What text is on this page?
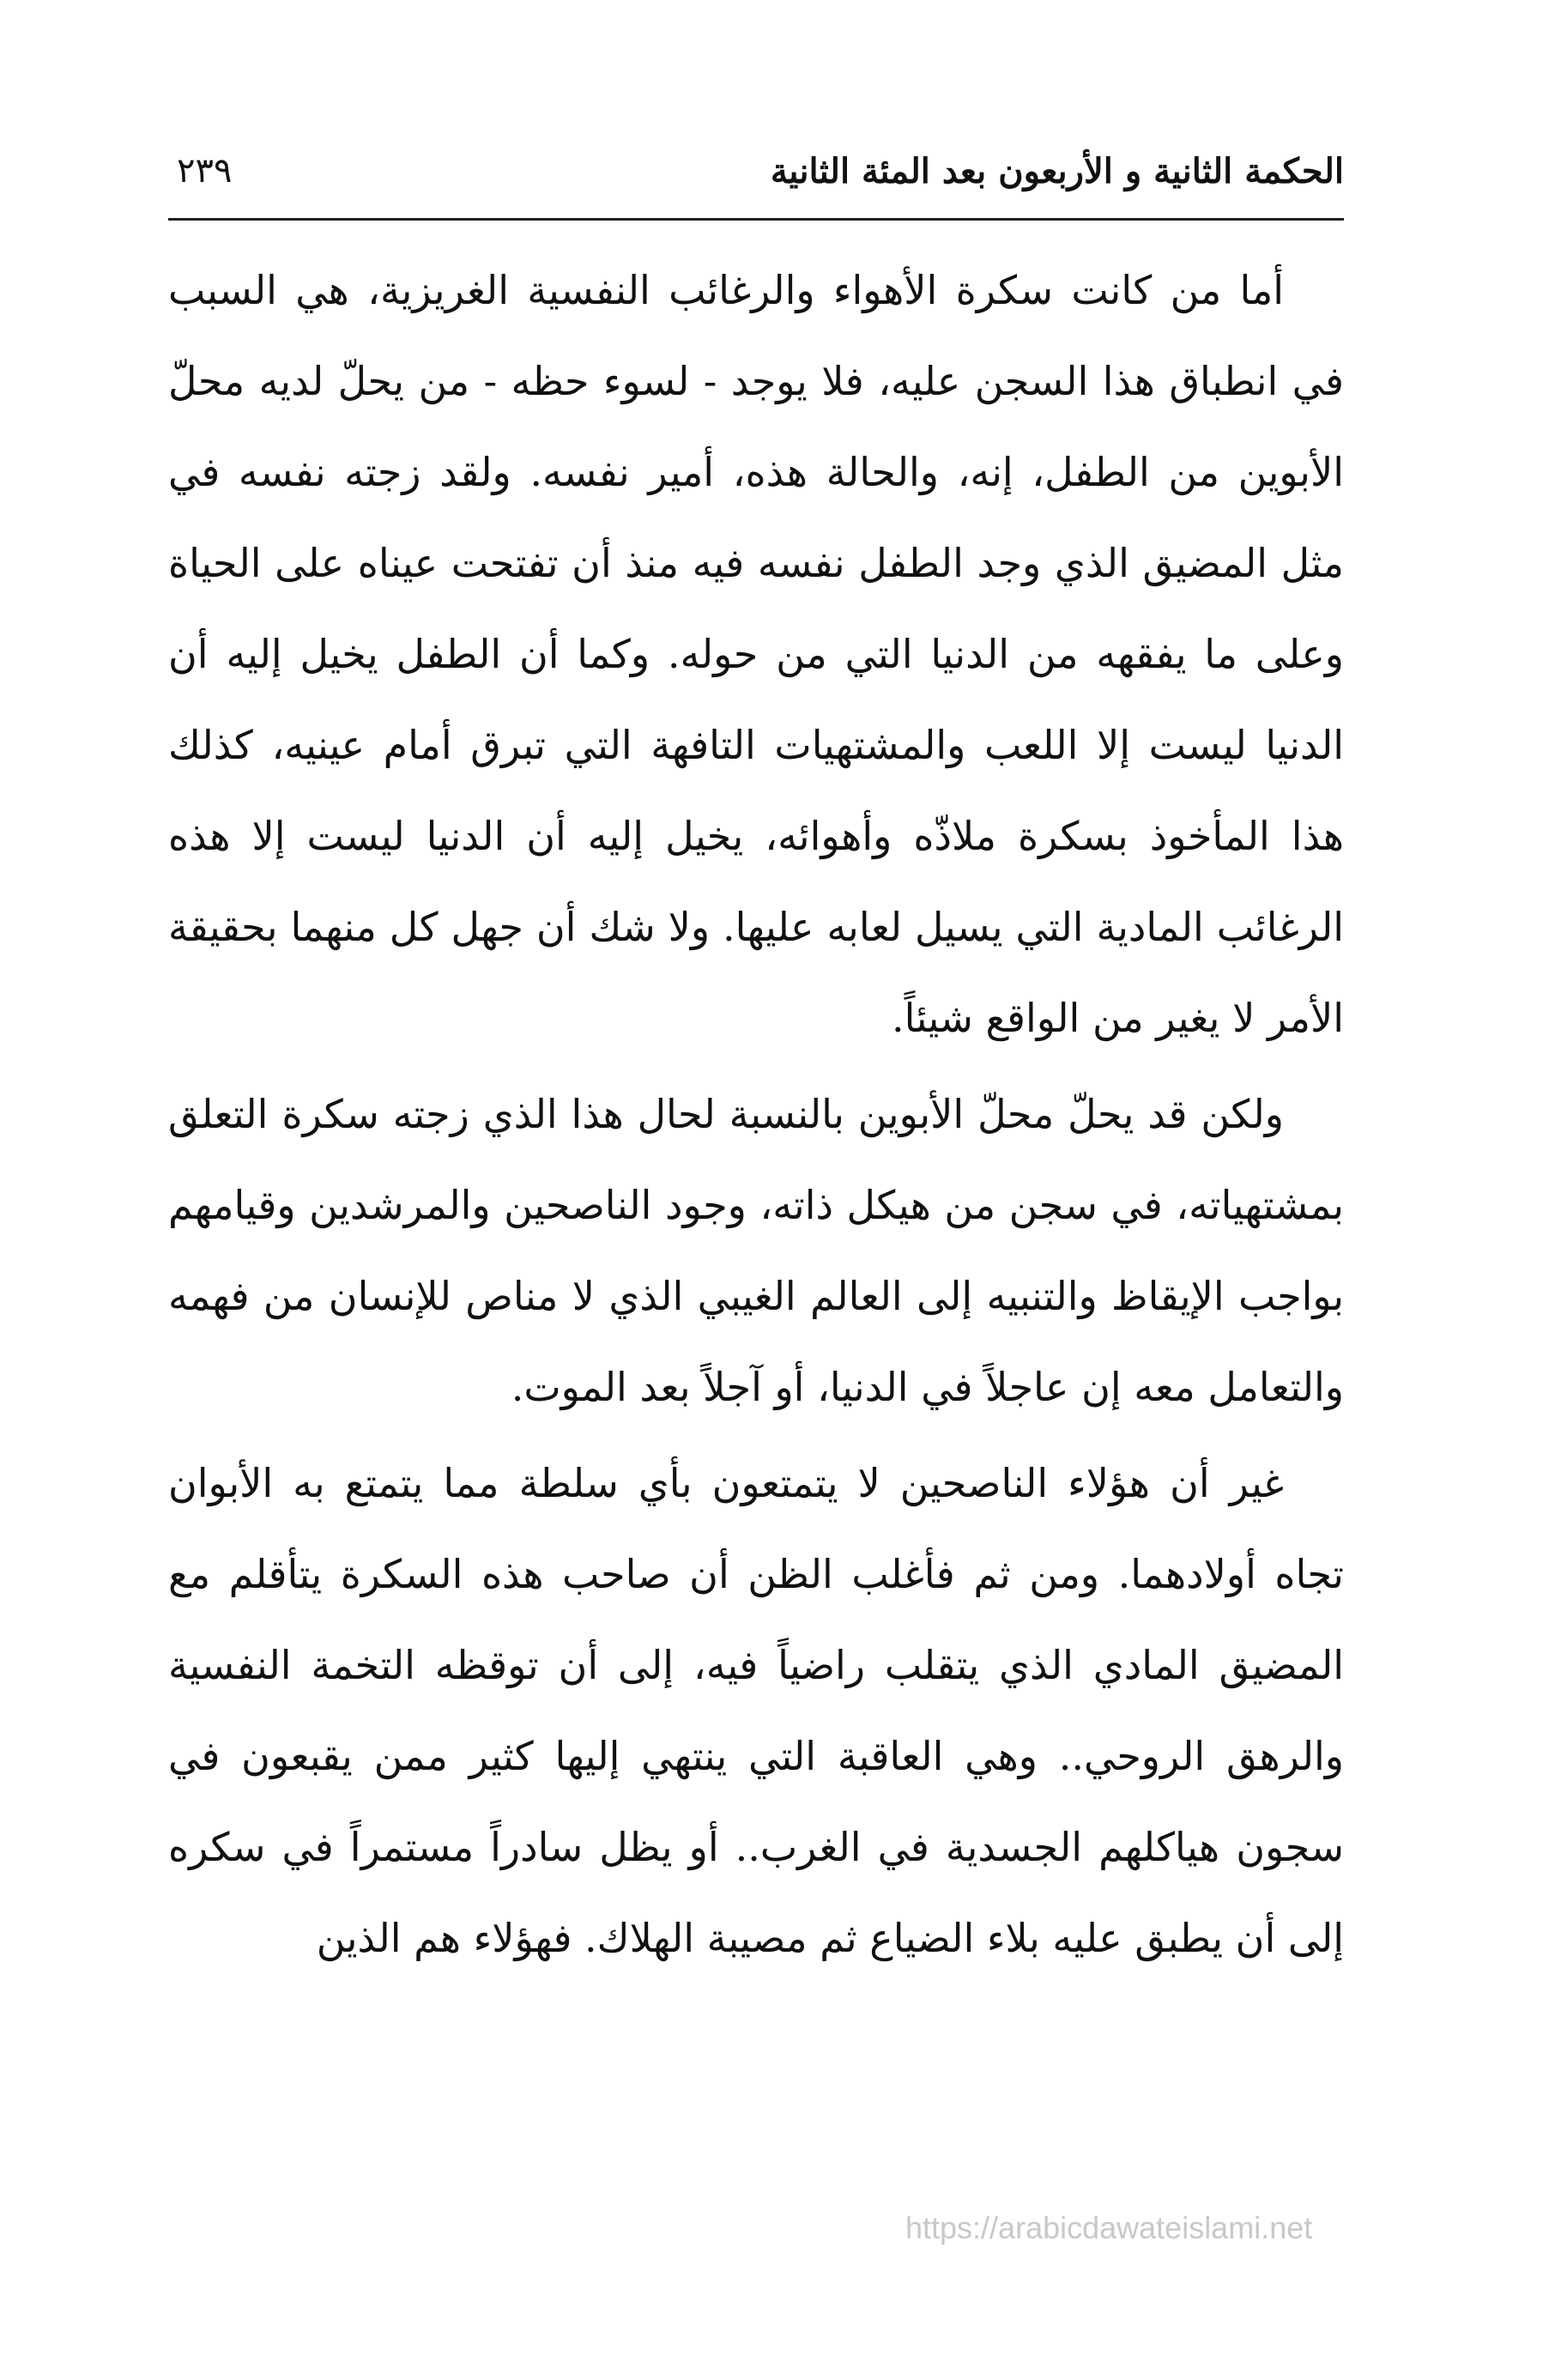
الحكمة الثانية و الأربعون بعد المئة الثانية
٢٣٩

أما من كانت سكرة الأهواء والرغائب النفسية الغريزية، هي السبب في انطباق هذا السجن عليه، فلا يوجد - لسوء حظه - من يحلّ لديه محلّ الأبوين من الطفل، إنه، والحالة هذه، أمير نفسه. ولقد زجته نفسه في مثل المضيق الذي وجد الطفل نفسه فيه منذ أن تفتحت عيناه على الحياة وعلى ما يفقهه من الدنيا التي من حوله. وكما أن الطفل يخيل إليه أن الدنيا ليست إلا اللعب والمشتهيات التافهة التي تبرق أمام عينيه، كذلك هذا المأخوذ بسكرة ملاذّه وأهوائه، يخيل إليه أن الدنيا ليست إلا هذه الرغائب المادية التي يسيل لعابه عليها. ولا شك أن جهل كل منهما بحقيقة الأمر لا يغير من الواقع شيئاً.

ولكن قد يحلّ محلّ الأبوين بالنسبة لحال هذا الذي زجته سكرة التعلق بمشتهياته، في سجن من هيكل ذاته، وجود الناصحين والمرشدين وقيامهم بواجب الإيقاظ والتنبيه إلى العالم الغيبي الذي لا مناص للإنسان من فهمه والتعامل معه إن عاجلاً في الدنيا، أو آجلاً بعد الموت.

غير أن هؤلاء الناصحين لا يتمتعون بأي سلطة مما يتمتع به الأبوان تجاه أولادهما. ومن ثم فأغلب الظن أن صاحب هذه السكرة يتأقلم مع المضيق المادي الذي يتقلب راضياً فيه، إلى أن توقظه التخمة النفسية والرهق الروحي.. وهي العاقبة التي ينتهي إليها كثير ممن يقبعون في سجون هياكلهم الجسدية في الغرب.. أو يظل سادراً مستمراً في سكره إلى أن يطبق عليه بلاء الضياع ثم مصيبة الهلاك. فهؤلاء هم الذين

https://arabicdawateislami.net
